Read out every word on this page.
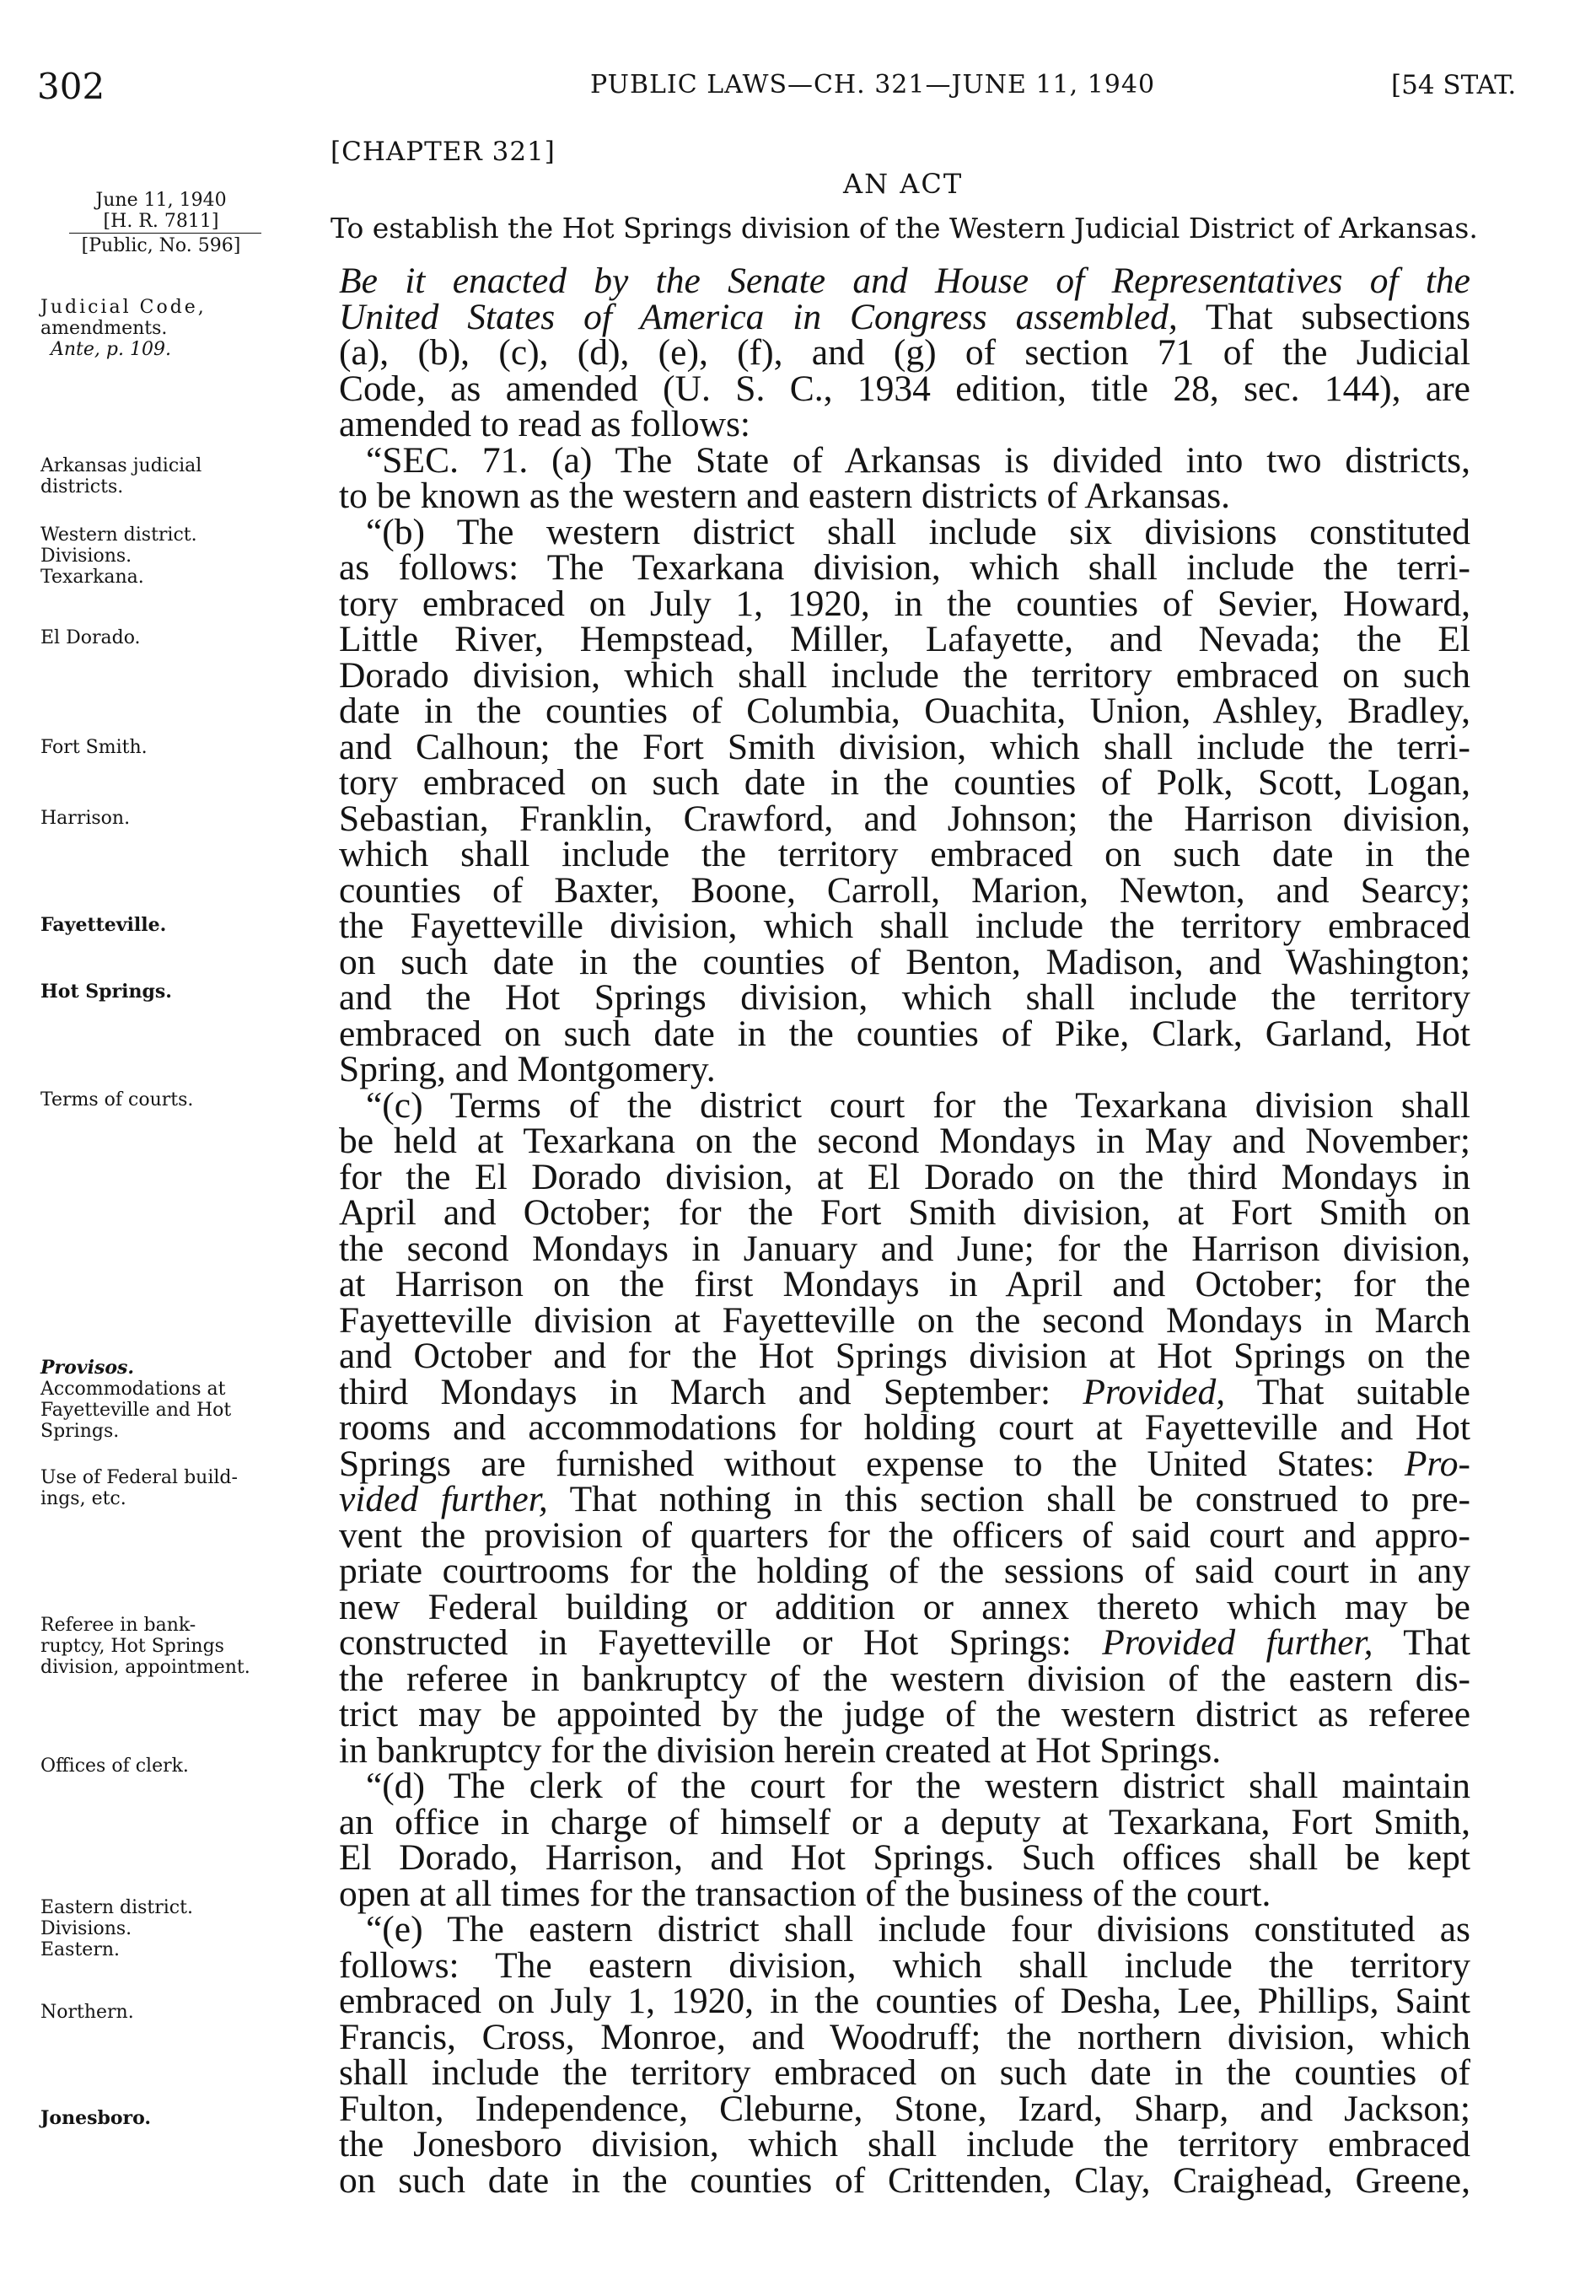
302	PUBLIC LAWS—CH. 321—JUNE 11, 1940	[54 STAT.
[CHAPTER 321]
AN ACT
To establish the Hot Springs division of the Western Judicial District of Arkansas.
June 11, 1940
[H. R. 7811]
[Public, No. 596]
Judicial Code,
amendments.
Ante, p. 109.
Arkansas judicial
districts.
Western district.
Divisions.
Texarkana.
El Dorado.
Fort Smith.
Harrison.
Fayetteville.
Hot Springs.
Terms of courts.
Provisos.
Accommodations at
Fayetteville and Hot
Springs.
Use of Federal build-
ings, etc.
Referee in bank-
ruptcy, Hot Springs
division, appointment.
Offices of clerk.
Eastern district.
Divisions.
Eastern.
Northern.
Jonesboro.
Be it enacted by the Senate and House of Representatives of the
United States of America in Congress assembled, That subsections
(a), (b), (c), (d), (e), (f), and (g) of section 71 of the Judicial
Code, as amended (U. S. C., 1934 edition, title 28, sec. 144), are
amended to read as follows:
“SEC. 71. (a) The State of Arkansas is divided into two districts,
to be known as the western and eastern districts of Arkansas.
“(b) The western district shall include six divisions constituted
as follows: The Texarkana division, which shall include the terri-
tory embraced on July 1, 1920, in the counties of Sevier, Howard,
Little River, Hempstead, Miller, Lafayette, and Nevada; the El
Dorado division, which shall include the territory embraced on such
date in the counties of Columbia, Ouachita, Union, Ashley, Bradley,
and Calhoun; the Fort Smith division, which shall include the terri-
tory embraced on such date in the counties of Polk, Scott, Logan,
Sebastian, Franklin, Crawford, and Johnson; the Harrison division,
which shall include the territory embraced on such date in the
counties of Baxter, Boone, Carroll, Marion, Newton, and Searcy;
the Fayetteville division, which shall include the territory embraced
on such date in the counties of Benton, Madison, and Washington;
and the Hot Springs division, which shall include the territory
embraced on such date in the counties of Pike, Clark, Garland, Hot
Spring, and Montgomery.
“(c) Terms of the district court for the Texarkana division shall
be held at Texarkana on the second Mondays in May and November;
for the El Dorado division, at El Dorado on the third Mondays in
April and October; for the Fort Smith division, at Fort Smith on
the second Mondays in January and June; for the Harrison division,
at Harrison on the first Mondays in April and October; for the
Fayetteville division at Fayetteville on the second Mondays in March
and October and for the Hot Springs division at Hot Springs on the
third Mondays in March and September: Provided, That suitable
rooms and accommodations for holding court at Fayetteville and Hot
Springs are furnished without expense to the United States: Pro-
vided further, That nothing in this section shall be construed to pre-
vent the provision of quarters for the officers of said court and appro-
priate courtrooms for the holding of the sessions of said court in any
new Federal building or addition or annex thereto which may be
constructed in Fayetteville or Hot Springs: Provided further, That
the referee in bankruptcy of the western division of the eastern dis-
trict may be appointed by the judge of the western district as referee
in bankruptcy for the division herein created at Hot Springs.
“(d) The clerk of the court for the western district shall maintain
an office in charge of himself or a deputy at Texarkana, Fort Smith,
El Dorado, Harrison, and Hot Springs. Such offices shall be kept
open at all times for the transaction of the business of the court.
“(e) The eastern district shall include four divisions constituted as
follows: The eastern division, which shall include the territory
embraced on July 1, 1920, in the counties of Desha, Lee, Phillips, Saint
Francis, Cross, Monroe, and Woodruff; the northern division, which
shall include the territory embraced on such date in the counties of
Fulton, Independence, Cleburne, Stone, Izard, Sharp, and Jackson;
the Jonesboro division, which shall include the territory embraced
on such date in the counties of Crittenden, Clay, Craighead, Greene,
